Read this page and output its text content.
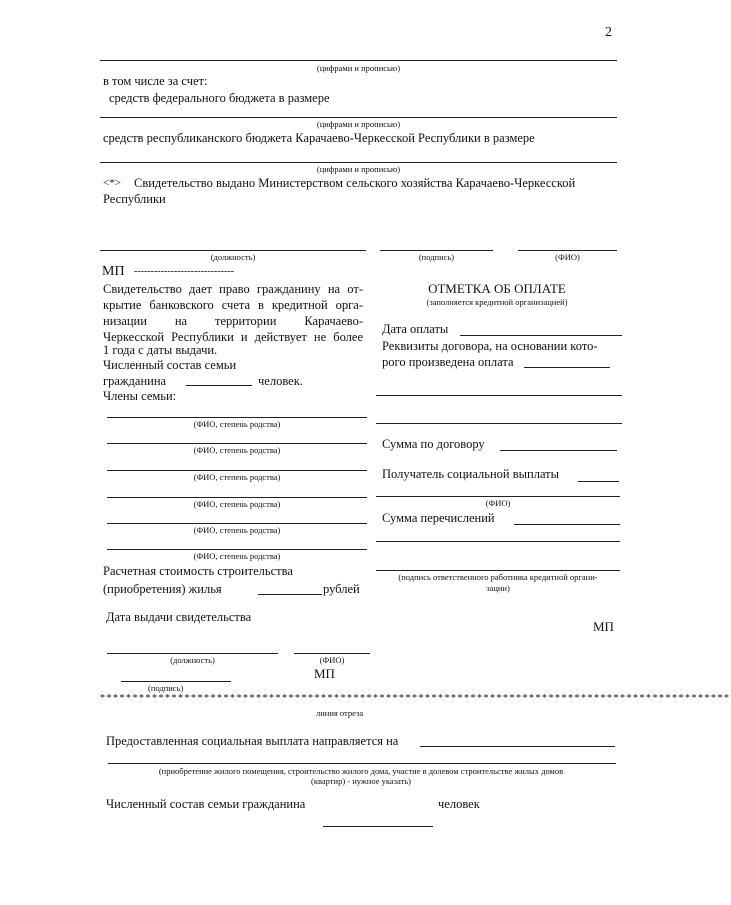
2
(цифрами и прописью)
в том числе за счет:
средств федерального бюджета в размере
(цифрами и прописью)
средств республиканского бюджета Карачаево-Черкесской Республики в размере
(цифрами и прописью)
<*> Свидетельство выдано Министерством сельского хозяйства Карачаево-Черкесской
Республики
(должность)	(подпись)	(ФИО)
МП ------------------------------
Свидетельство дает право гражданину на от-
крытие банковского счета в кредитной орга-
низации на территории Карачаево-
Черкесской Республики и действует не более
1 года с даты выдачи.
Численный состав семьи
гражданина	человек.
Члены семьи:
(ФИО, степень родства)
(ФИО, степень родства)
(ФИО, степень родства)
(ФИО, степень родства)
(ФИО, степень родства)
(ФИО, степень родства)
Расчетная стоимость строительства
(приобретения) жилья	рублей
Дата выдачи свидетельства
(должность)	(ФИО)
МП
(подпись)
ОТМЕТКА ОБ ОПЛАТЕ
(заполняется кредитной организацией)
Дата оплаты
Реквизиты договора, на основании кото-
рого произведена оплата
Сумма по договору
Получатель социальной выплаты
(ФИО)
Сумма перечислений
(подпись ответственного работника кредитной органи-
зации)
МП
*************************************************************************************************
линия отреза
Предоставленная социальная выплата направляется на
(приобретение жилого помещения, строительство жилого дома, участие в долевом строительстве жилых домов
(квартир) - нужное указать)
Численный состав семьи гражданина	человек
